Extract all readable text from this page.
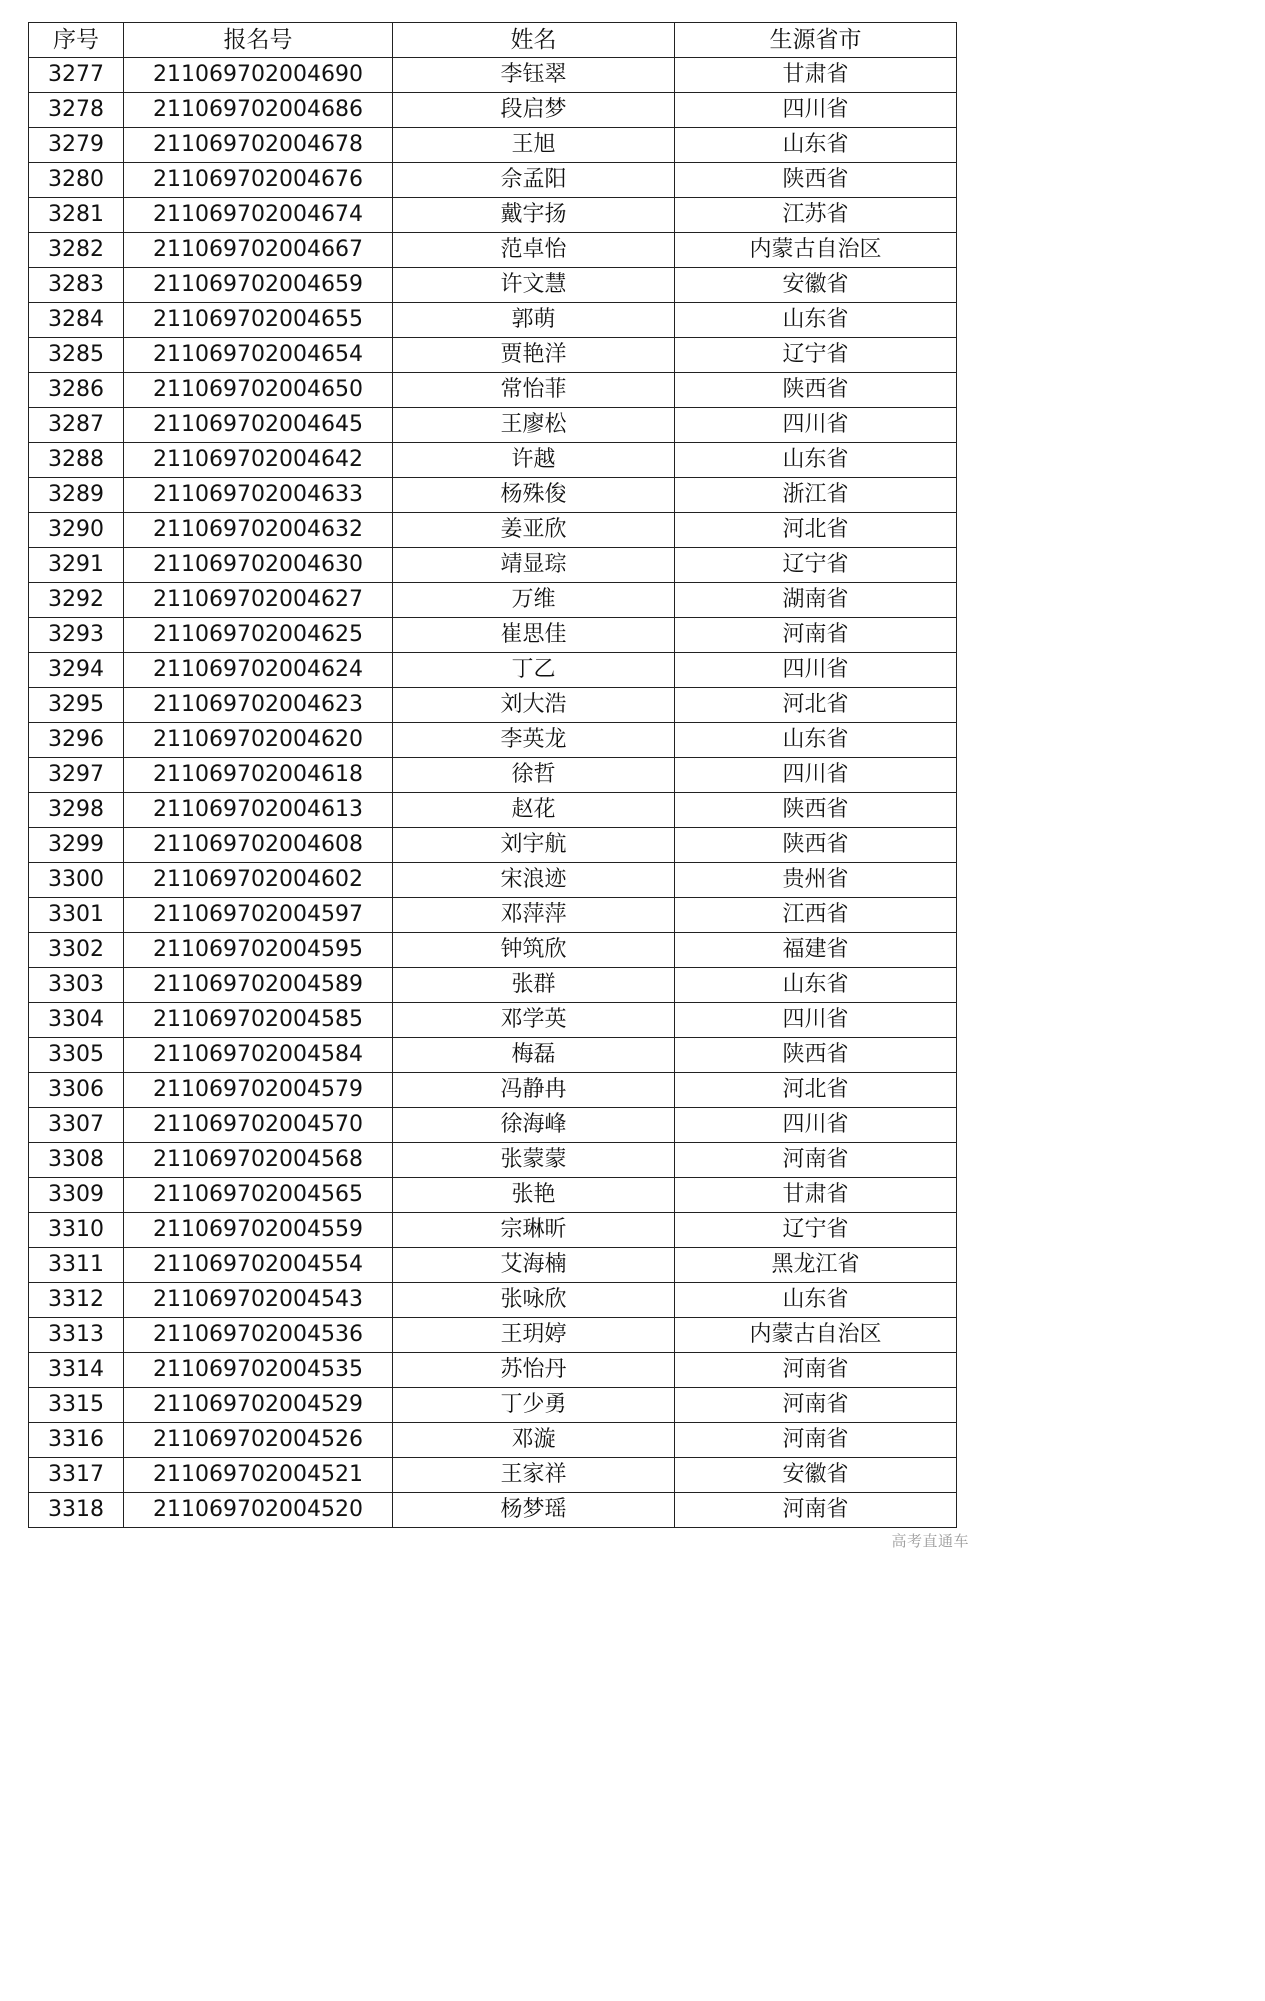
序号	报名号	姓名	生源省市
3277	211069702004690	李钰翠	甘肃省
3278	211069702004686	段启梦	四川省
3279	211069702004678	王旭	山东省
3280	211069702004676	佘孟阳	陕西省
3281	211069702004674	戴宇扬	江苏省
3282	211069702004667	范卓怡	内蒙古自治区
3283	211069702004659	许文慧	安徽省
3284	211069702004655	郭萌	山东省
3285	211069702004654	贾艳洋	辽宁省
3286	211069702004650	常怡菲	陕西省
3287	211069702004645	王廖松	四川省
3288	211069702004642	许越	山东省
3289	211069702004633	杨殊俊	浙江省
3290	211069702004632	姜亚欣	河北省
3291	211069702004630	靖显琮	辽宁省
3292	211069702004627	万维	湖南省
3293	211069702004625	崔思佳	河南省
3294	211069702004624	丁乙	四川省
3295	211069702004623	刘大浩	河北省
3296	211069702004620	李英龙	山东省
3297	211069702004618	徐哲	四川省
3298	211069702004613	赵花	陕西省
3299	211069702004608	刘宇航	陕西省
3300	211069702004602	宋浪迹	贵州省
3301	211069702004597	邓萍萍	江西省
3302	211069702004595	钟筑欣	福建省
3303	211069702004589	张群	山东省
3304	211069702004585	邓学英	四川省
3305	211069702004584	梅磊	陕西省
3306	211069702004579	冯静冉	河北省
3307	211069702004570	徐海峰	四川省
3308	211069702004568	张蒙蒙	河南省
3309	211069702004565	张艳	甘肃省
3310	211069702004559	宗琳昕	辽宁省
3311	211069702004554	艾海楠	黑龙江省
3312	211069702004543	张咏欣	山东省
3313	211069702004536	王玥婷	内蒙古自治区
3314	211069702004535	苏怡丹	河南省
3315	211069702004529	丁少勇	河南省
3316	211069702004526	邓漩	河南省
3317	211069702004521	王家祥	安徽省
3318	211069702004520	杨梦瑶	河南省
高考直通车
